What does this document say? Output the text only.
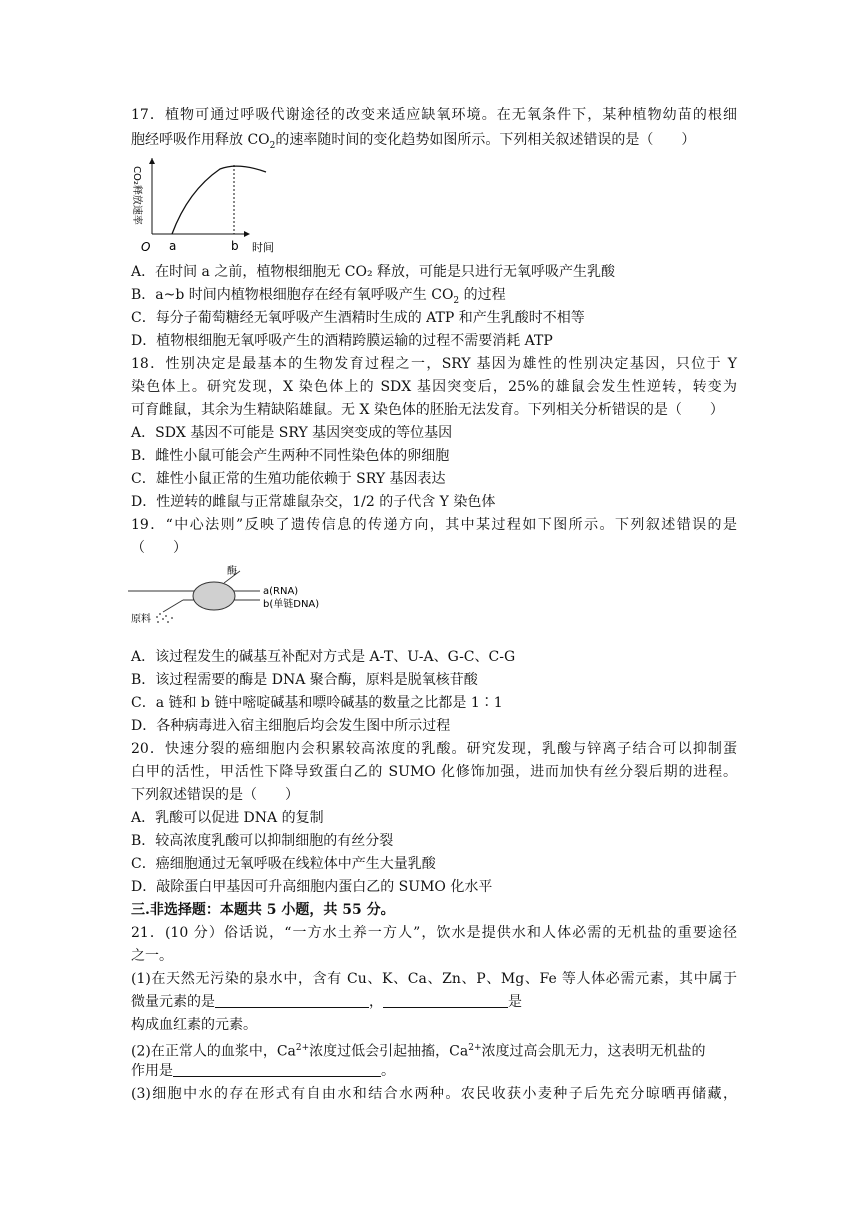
17．植物可通过呼吸代谢途径的改变来适应缺氧环境。在无氧条件下，某种植物幼苗的根细
胞经呼吸作用释放 $CO_2$的速率随时间的变化趋势如图所示。下列相关叙述错误的是（　　）
CO₂释放速率
O a	b 时间
A．在时间 a 之前，植物根细胞无 CO₂ 释放，可能是只进行无氧呼吸产生乳酸
B．a~b 时间内植物根细胞存在经有氧呼吸产生 $CO_2$ 的过程
C．每分子葡萄糖经无氧呼吸产生酒精时生成的 ATP 和产生乳酸时不相等
D．植物根细胞无氧呼吸产生的酒精跨膜运输的过程不需要消耗 ATP
18．性别决定是最基本的生物发育过程之一，SRY 基因为雄性的性别决定基因，只位于 Y
染色体上。研究发现，X 染色体上的 SDX 基因突变后，25%的雄鼠会发生性逆转，转变为
可育雌鼠，其余为生精缺陷雄鼠。无 X 染色体的胚胎无法发育。下列相关分析错误的是（　　）
A．SDX 基因不可能是 SRY 基因突变成的等位基因
B．雌性小鼠可能会产生两种不同性染色体的卵细胞
C．雄性小鼠正常的生殖功能依赖于 SRY 基因表达
D．性逆转的雌鼠与正常雄鼠杂交，1/2 的子代含 Y 染色体
19．“中心法则”反映了遗传信息的传递方向，其中某过程如下图所示。下列叙述错误的是
（　　）
酶
a(RNA)
b(单链DNA)
原料
A．该过程发生的碱基互补配对方式是 A-T、U-A、G-C、C-G
B．该过程需要的酶是 DNA 聚合酶，原料是脱氧核苷酸
C．a 链和 b 链中嘧啶碱基和嘌呤碱基的数量之比都是 1∶1
D．各种病毒进入宿主细胞后均会发生图中所示过程
20．快速分裂的癌细胞内会积累较高浓度的乳酸。研究发现，乳酸与锌离子结合可以抑制蛋
白甲的活性，甲活性下降导致蛋白乙的 SUMO 化修饰加强，进而加快有丝分裂后期的进程。
下列叙述错误的是（　　）
A．乳酸可以促进 DNA 的复制
B．较高浓度乳酸可以抑制细胞的有丝分裂
C．癌细胞通过无氧呼吸在线粒体中产生大量乳酸
D．敲除蛋白甲基因可升高细胞内蛋白乙的 SUMO 化水平
三.非选择题：本题共 5 小题，共 55 分。
21．(10 分）俗话说，“一方水土养一方人”，饮水是提供水和人体必需的无机盐的重要途径
之一。
(1)在天然无污染的泉水中，含有 Cu、K、Ca、Zn、P、Mg、Fe 等人体必需元素，其中属于
微量元素的是	，	是
构成血红素的元素。
(2)在正常人的血浆中，$Ca^{2+}$浓度过低会引起抽搐，$Ca^{2+}$浓度过高会肌无力，这表明无机盐的
作用是	。
(3)细胞中水的存在形式有自由水和结合水两种。农民收获小麦种子后先充分晾晒再储藏，
